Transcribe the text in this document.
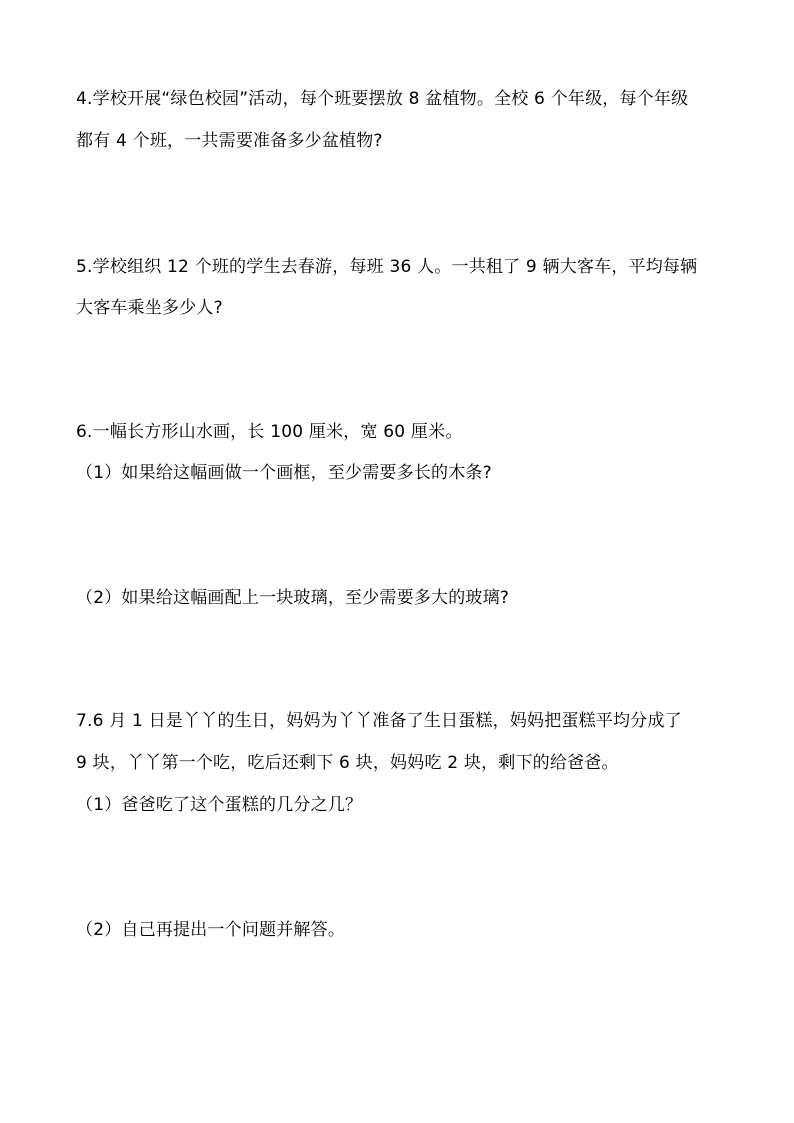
4.学校开展“绿色校园”活动，每个班要摆放 8 盆植物。全校 6 个年级，每个年级
都有 4 个班，一共需要准备多少盆植物?
5.学校组织 12 个班的学生去春游，每班 36 人。一共租了 9 辆大客车，平均每辆
大客车乘坐多少人?
6.一幅长方形山水画，长 100 厘米，宽 60 厘米。
（1）如果给这幅画做一个画框，至少需要多长的木条?
（2）如果给这幅画配上一块玻璃，至少需要多大的玻璃?
7.6 月 1 日是丫丫的生日，妈妈为丫丫准备了生日蛋糕，妈妈把蛋糕平均分成了
9 块，丫丫第一个吃，吃后还剩下 6 块，妈妈吃 2 块，剩下的给爸爸。
（1）爸爸吃了这个蛋糕的几分之几？
（2）自己再提出一个问题并解答。
